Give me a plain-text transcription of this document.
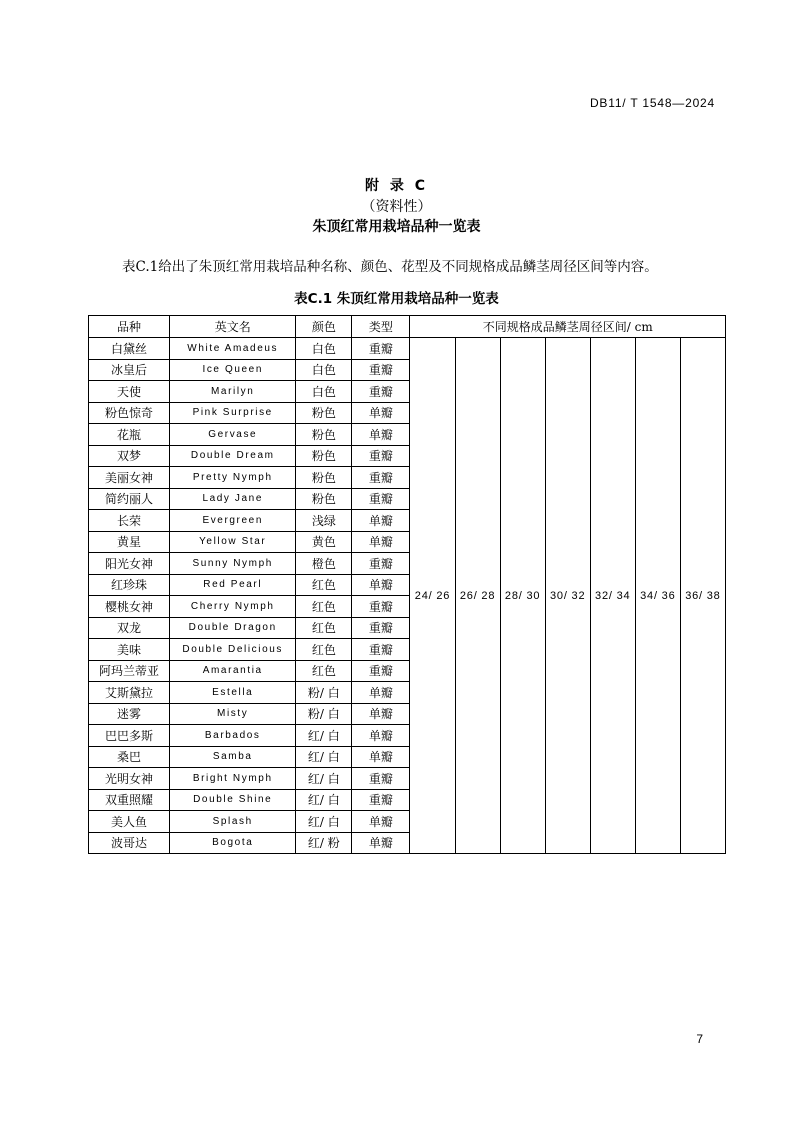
DB11/ T 1548—2024
附 录 C
（资料性）
朱顶红常用栽培品种一览表
表C.1给出了朱顶红常用栽培品种名称、颜色、花型及不同规格成品鳞茎周径区间等内容。
表C.1 朱顶红常用栽培品种一览表
品种	英文名	颜色	类型	不同规格成品鳞茎周径区间/ cm						
白黛丝	White Amadeus	白色	重瓣	24/ 26	26/ 28	28/ 30	30/ 32	32/ 34	34/ 36	36/ 38
冰皇后	Ice Queen	白色	重瓣							
天使	Marilyn	白色	重瓣							
粉色惊奇	Pink Surprise	粉色	单瓣							
花瓶	Gervase	粉色	单瓣							
双梦	Double Dream	粉色	重瓣							
美丽女神	Pretty Nymph	粉色	重瓣							
简约丽人	Lady Jane	粉色	重瓣							
长荣	Evergreen	浅绿	单瓣							
黄星	Yellow Star	黄色	单瓣							
阳光女神	Sunny Nymph	橙色	重瓣							
红珍珠	Red Pearl	红色	单瓣							
樱桃女神	Cherry Nymph	红色	重瓣							
双龙	Double Dragon	红色	重瓣							
美味	Double Delicious	红色	重瓣							
阿玛兰蒂亚	Amarantia	红色	重瓣							
艾斯黛拉	Estella	粉/ 白	单瓣							
迷雾	Misty	粉/ 白	单瓣							
巴巴多斯	Barbados	红/ 白	单瓣							
桑巴	Samba	红/ 白	单瓣							
光明女神	Bright Nymph	红/ 白	重瓣							
双重照耀	Double Shine	红/ 白	重瓣							
美人鱼	Splash	红/ 白	单瓣							
波哥达	Bogota	红/ 粉	单瓣							
7
